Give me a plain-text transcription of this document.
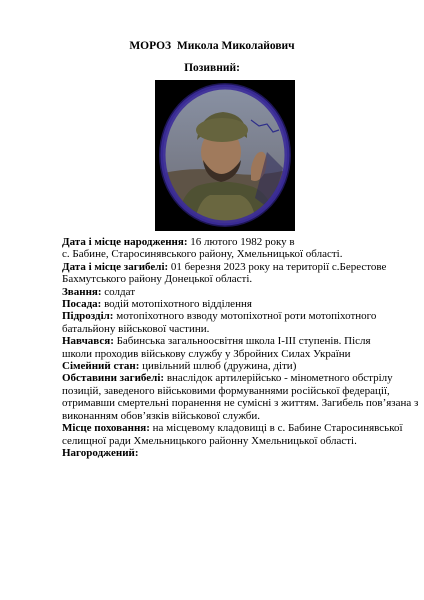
МОРОЗ  Микола Миколайович
Позивний:
Дата і місце народження: 16 лютого 1982 року в
с. Бабине, Старосинявського району, Хмельницької області.
Дата і місце загибелі: 01 березня 2023 року на території с.Берестове
Бахмутського району Донецької області.
Звання: солдат
Посада: водій мотопіхотного відділення
Підрозділ: мотопіхотного взводу мотопіхотної роти мотопіхотного
батальйону військової частини.
Навчався: Бабинська загальноосвітня школа І-ІІІ ступенів. Після
школи проходив військову службу у Збройних Силах України
Сімейний стан: цивільний шлюб (дружина, діти)
Обставини загибелі: внаслідок артилерійсько - мінометного обстрілу
позицій, заведеного військовими формуваннями російської федерації,
отримавши смертельні поранення не сумісні з життям. Загибель пов’язана з
виконанням обов’язків військової служби.
Місце поховання: на місцевому кладовищі в с. Бабине Старосинявської
селищної ради Хмельницького районну Хмельницької області.
Нагороджений:
